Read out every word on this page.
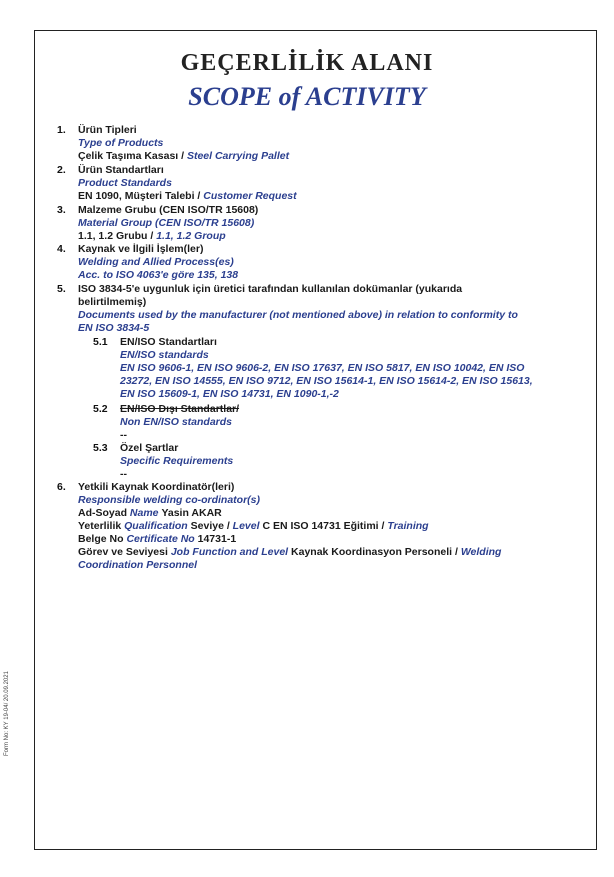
GEÇERLİLİK ALANI
SCOPE of ACTIVITY
1. Ürün Tipleri
Type of Products
Çelik Taşıma Kasası / Steel Carrying Pallet
2. Ürün Standartları
Product Standards
EN 1090, Müşteri Talebi / Customer Request
3. Malzeme Grubu (CEN ISO/TR 15608)
Material Group (CEN ISO/TR 15608)
1.1, 1.2 Grubu / 1.1, 1.2 Group
4. Kaynak ve İlgili İşlem(ler)
Welding and Allied Process(es)
Acc. to ISO 4063'e göre 135, 138
5. ISO 3834-5'e uygunluk için üretici tarafından kullanılan dokümanlar (yukarıda
belirtilmemiş)
Documents used by the manufacturer (not mentioned above) in relation to conformity to
EN ISO 3834-5
5.1 EN/ISO Standartları
EN/ISO standards
EN ISO 9606-1, EN ISO 9606-2, EN ISO 17637, EN ISO 5817, EN ISO 10042, EN ISO
23272, EN ISO 14555, EN ISO 9712, EN ISO 15614-1, EN ISO 15614-2, EN ISO 15613,
EN ISO 15609-1, EN ISO 14731, EN 1090-1,-2
5.2 EN/ISO Dışı Standartlar/
Non EN/ISO standards
--
5.3 Özel Şartlar
Specific Requirements
--
6. Yetkili Kaynak Koordinatör(leri)
Responsible welding co-ordinator(s)
Ad-Soyad Name Yasin AKAR
Yeterlilik Qualification Seviye / Level C EN ISO 14731 Eğitimi / Training
Belge No Certificate No 14731-1
Görev ve Seviyesi Job Function and Level Kaynak Koordinasyon Personeli / Welding
Coordination Personnel
Form No: KY 19-04/ 20.09.2021
